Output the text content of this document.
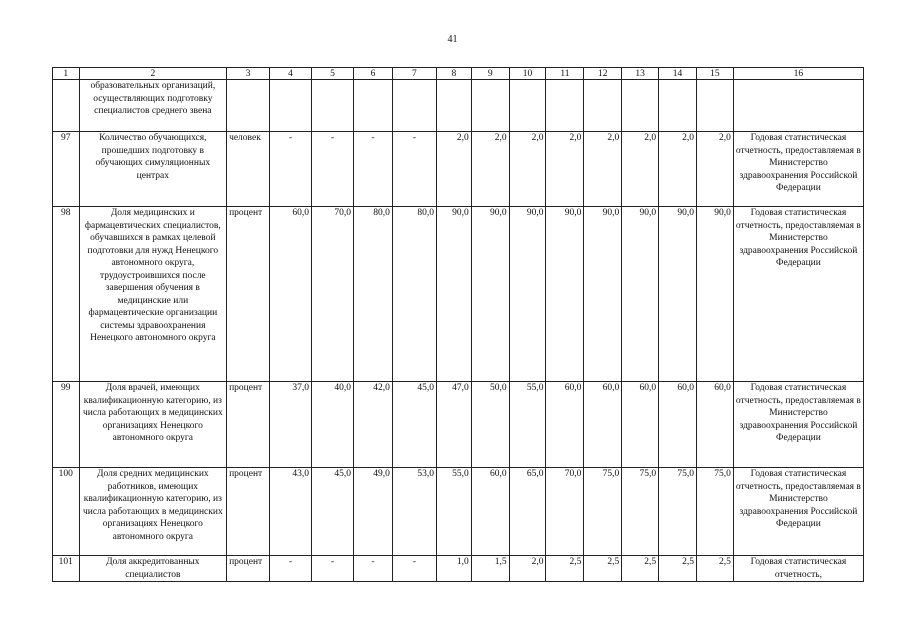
41
1	2	3	4	5	6	7	8	9	10	11	12	13	14	15	16
	образовательных организаций, осуществляющих подготовку специалистов среднего звена														
97	Количество обучающихся, прошедших подготовку в обучающих симуляционных центрах	человек	-	-	-	-	2,0	2,0	2,0	2,0	2,0	2,0	2,0	2,0	Годовая статистическая отчетность, предоставляемая в Министерство здравоохранения Российской Федерации
98	Доля медицинских и фармацевтических специалистов, обучавшихся в рамках целевой подготовки для нужд Ненецкого автономного округа, трудоустроившихся после завершения обучения в медицинские или фармацевтические организации системы здравоохранения Ненецкого автономного округа	процент	60,0	70,0	80,0	80,0	90,0	90,0	90,0	90,0	90,0	90,0	90,0	90,0	Годовая статистическая отчетность, предоставляемая в Министерство здравоохранения Российской Федерации
99	Доля врачей, имеющих квалификационную категорию, из числа работающих в медицинских организациях Ненецкого автономного округа	процент	37,0	40,0	42,0	45,0	47,0	50,0	55,0	60,0	60,0	60,0	60,0	60,0	Годовая статистическая отчетность, предоставляемая в Министерство здравоохранения Российской Федерации
100	Доля средних медицинских работников, имеющих квалификационную категорию, из числа работающих в медицинских организациях Ненецкого автономного округа	процент	43,0	45,0	49,0	53,0	55,0	60,0	65,0	70,0	75,0	75,0	75,0	75,0	Годовая статистическая отчетность, предоставляемая в Министерство здравоохранения Российской Федерации
101	Доля аккредитованных специалистов	процент	-	-	-	-	1,0	1,5	2,0	2,5	2,5	2,5	2,5	2,5	Годовая статистическая отчетность,
